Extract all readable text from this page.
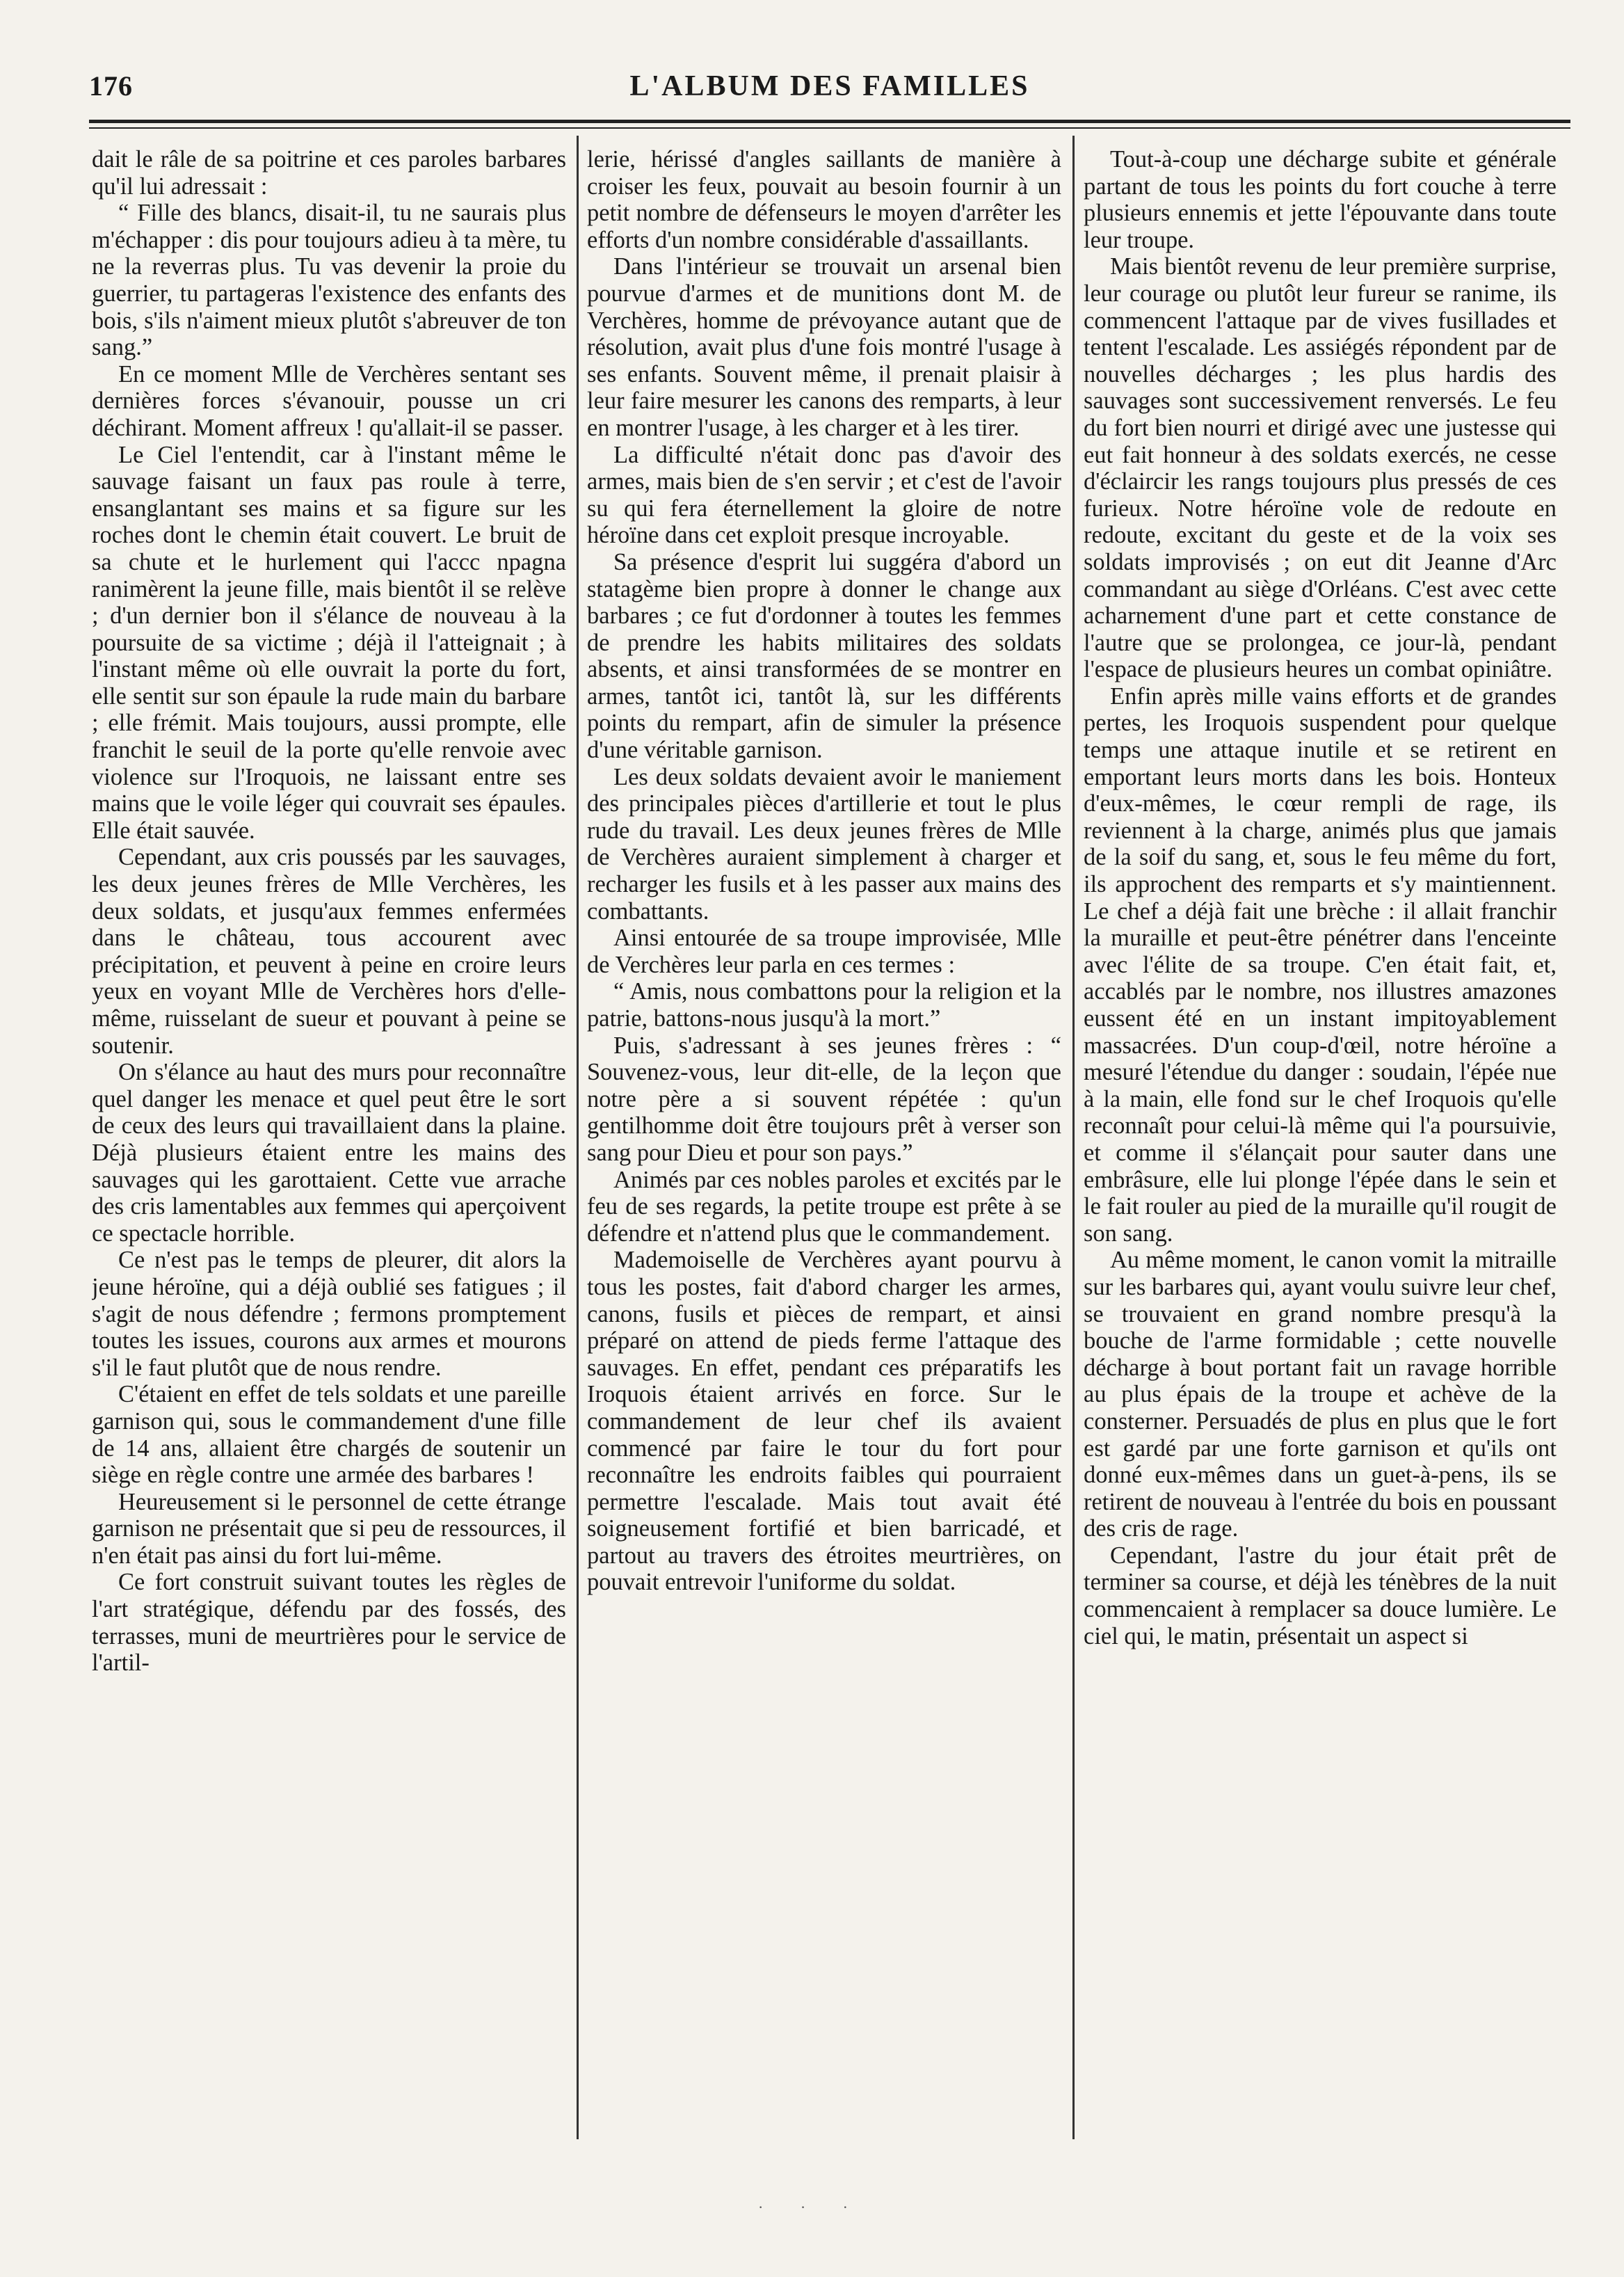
176	L'ALBUM DES FAMILLES

dait le râle de sa poitrine et ces paroles barbares qu'il lui adressait :

“ Fille des blancs, disait-il, tu ne saurais plus m'échapper : dis pour toujours adieu à ta mère, tu ne la reverras plus. Tu vas devenir la proie du guerrier, tu partageras l'existence des enfants des bois, s'ils n'aiment mieux plutôt s'abreuver de ton sang.”

En ce moment Mlle de Verchères sentant ses dernières forces s'évanouir, pousse un cri déchirant. Moment affreux ! qu'allait-il se passer.

Le Ciel l'entendit, car à l'instant même le sauvage faisant un faux pas roule à terre, ensanglantant ses mains et sa figure sur les roches dont le chemin était couvert. Le bruit de sa chute et le hurlement qui l'accc npagna ranimèrent la jeune fille, mais bientôt il se relève ; d'un dernier bon il s'élance de nouveau à la poursuite de sa victime ; déjà il l'atteignait ; à l'instant même où elle ouvrait la porte du fort, elle sentit sur son épaule la rude main du barbare ; elle frémit. Mais toujours, aussi prompte, elle franchit le seuil de la porte qu'elle renvoie avec violence sur l'Iroquois, ne laissant entre ses mains que le voile léger qui couvrait ses épaules. Elle était sauvée.

Cependant, aux cris poussés par les sauvages, les deux jeunes frères de Mlle Verchères, les deux soldats, et jusqu'aux femmes enfermées dans le château, tous accourent avec précipitation, et peuvent à peine en croire leurs yeux en voyant Mlle de Verchères hors d'elle-même, ruisselant de sueur et pouvant à peine se soutenir.

On s'élance au haut des murs pour reconnaître quel danger les menace et quel peut être le sort de ceux des leurs qui travaillaient dans la plaine. Déjà plusieurs étaient entre les mains des sauvages qui les garottaient. Cette vue arrache des cris lamentables aux femmes qui aperçoivent ce spectacle horrible.

Ce n'est pas le temps de pleurer, dit alors la jeune héroïne, qui a déjà oublié ses fatigues ; il s'agit de nous défendre ; fermons promptement toutes les issues, courons aux armes et mourons s'il le faut plutôt que de nous rendre.

C'étaient en effet de tels soldats et une pareille garnison qui, sous le commandement d'une fille de 14 ans, allaient être chargés de soutenir un siège en règle contre une armée des barbares !

Heureusement si le personnel de cette étrange garnison ne présentait que si peu de ressources, il n'en était pas ainsi du fort lui-même.

Ce fort construit suivant toutes les règles de l'art stratégique, défendu par des fossés, des terrasses, muni de meurtrières pour le service de l'artil-

lerie, hérissé d'angles saillants de manière à croiser les feux, pouvait au besoin fournir à un petit nombre de défenseurs le moyen d'arrêter les efforts d'un nombre considérable d'assaillants.

Dans l'intérieur se trouvait un arsenal bien pourvue d'armes et de munitions dont M. de Verchères, homme de prévoyance autant que de résolution, avait plus d'une fois montré l'usage à ses enfants. Souvent même, il prenait plaisir à leur faire mesurer les canons des remparts, à leur en montrer l'usage, à les charger et à les tirer.

La difficulté n'était donc pas d'avoir des armes, mais bien de s'en servir ; et c'est de l'avoir su qui fera éternellement la gloire de notre héroïne dans cet exploit presque incroyable.

Sa présence d'esprit lui suggéra d'abord un statagème bien propre à donner le change aux barbares ; ce fut d'ordonner à toutes les femmes de prendre les habits militaires des soldats absents, et ainsi transformées de se montrer en armes, tantôt ici, tantôt là, sur les différents points du rempart, afin de simuler la présence d'une véritable garnison.

Les deux soldats devaient avoir le maniement des principales pièces d'artillerie et tout le plus rude du travail. Les deux jeunes frères de Mlle de Verchères auraient simplement à charger et recharger les fusils et à les passer aux mains des combattants.

Ainsi entourée de sa troupe improvisée, Mlle de Verchères leur parla en ces termes :

“ Amis, nous combattons pour la religion et la patrie, battons-nous jusqu'à la mort.”

Puis, s'adressant à ses jeunes frères : “ Souvenez-vous, leur dit-elle, de la leçon que notre père a si souvent répétée : qu'un gentilhomme doit être toujours prêt à verser son sang pour Dieu et pour son pays.”

Animés par ces nobles paroles et excités par le feu de ses regards, la petite troupe est prête à se défendre et n'attend plus que le commandement.

Mademoiselle de Verchères ayant pourvu à tous les postes, fait d'abord charger les armes, canons, fusils et pièces de rempart, et ainsi préparé on attend de pieds ferme l'attaque des sauvages. En effet, pendant ces préparatifs les Iroquois étaient arrivés en force. Sur le commandement de leur chef ils avaient commencé par faire le tour du fort pour reconnaître les endroits faibles qui pourraient permettre l'escalade. Mais tout avait été soigneusement fortifié et bien barricadé, et partout au travers des étroites meurtrières, on pouvait entrevoir l'uniforme du soldat.

Tout-à-coup une décharge subite et générale partant de tous les points du fort couche à terre plusieurs ennemis et jette l'épouvante dans toute leur troupe.

Mais bientôt revenu de leur première surprise, leur courage ou plutôt leur fureur se ranime, ils commencent l'attaque par de vives fusillades et tentent l'escalade. Les assiégés répondent par de nouvelles décharges ; les plus hardis des sauvages sont successivement renversés. Le feu du fort bien nourri et dirigé avec une justesse qui eut fait honneur à des soldats exercés, ne cesse d'éclaircir les rangs toujours plus pressés de ces furieux. Notre héroïne vole de redoute en redoute, excitant du geste et de la voix ses soldats improvisés ; on eut dit Jeanne d'Arc commandant au siège d'Orléans. C'est avec cette acharnement d'une part et cette constance de l'autre que se prolongea, ce jour-là, pendant l'espace de plusieurs heures un combat opiniâtre.

Enfin après mille vains efforts et de grandes pertes, les Iroquois suspendent pour quelque temps une attaque inutile et se retirent en emportant leurs morts dans les bois. Honteux d'eux-mêmes, le cœur rempli de rage, ils reviennent à la charge, animés plus que jamais de la soif du sang, et, sous le feu même du fort, ils approchent des remparts et s'y maintiennent. Le chef a déjà fait une brèche : il allait franchir la muraille et peut-être pénétrer dans l'enceinte avec l'élite de sa troupe. C'en était fait, et, accablés par le nombre, nos illustres amazones eussent été en un instant impitoyablement massacrées. D'un coup-d'œil, notre héroïne a mesuré l'étendue du danger : soudain, l'épée nue à la main, elle fond sur le chef Iroquois qu'elle reconnaît pour celui-là même qui l'a poursuivie, et comme il s'élançait pour sauter dans une embrâsure, elle lui plonge l'épée dans le sein et le fait rouler au pied de la muraille qu'il rougit de son sang.

Au même moment, le canon vomit la mitraille sur les barbares qui, ayant voulu suivre leur chef, se trouvaient en grand nombre presqu'à la bouche de l'arme formidable ; cette nouvelle décharge à bout portant fait un ravage horrible au plus épais de la troupe et achève de la consterner. Persuadés de plus en plus que le fort est gardé par une forte garnison et qu'ils ont donné eux-mêmes dans un guet-à-pens, ils se retirent de nouveau à l'entrée du bois en poussant des cris de rage.

Cependant, l'astre du jour était prêt de terminer sa course, et déjà les ténèbres de la nuit commencaient à remplacer sa douce lumière. Le ciel qui, le matin, présentait un aspect si

· · ·
